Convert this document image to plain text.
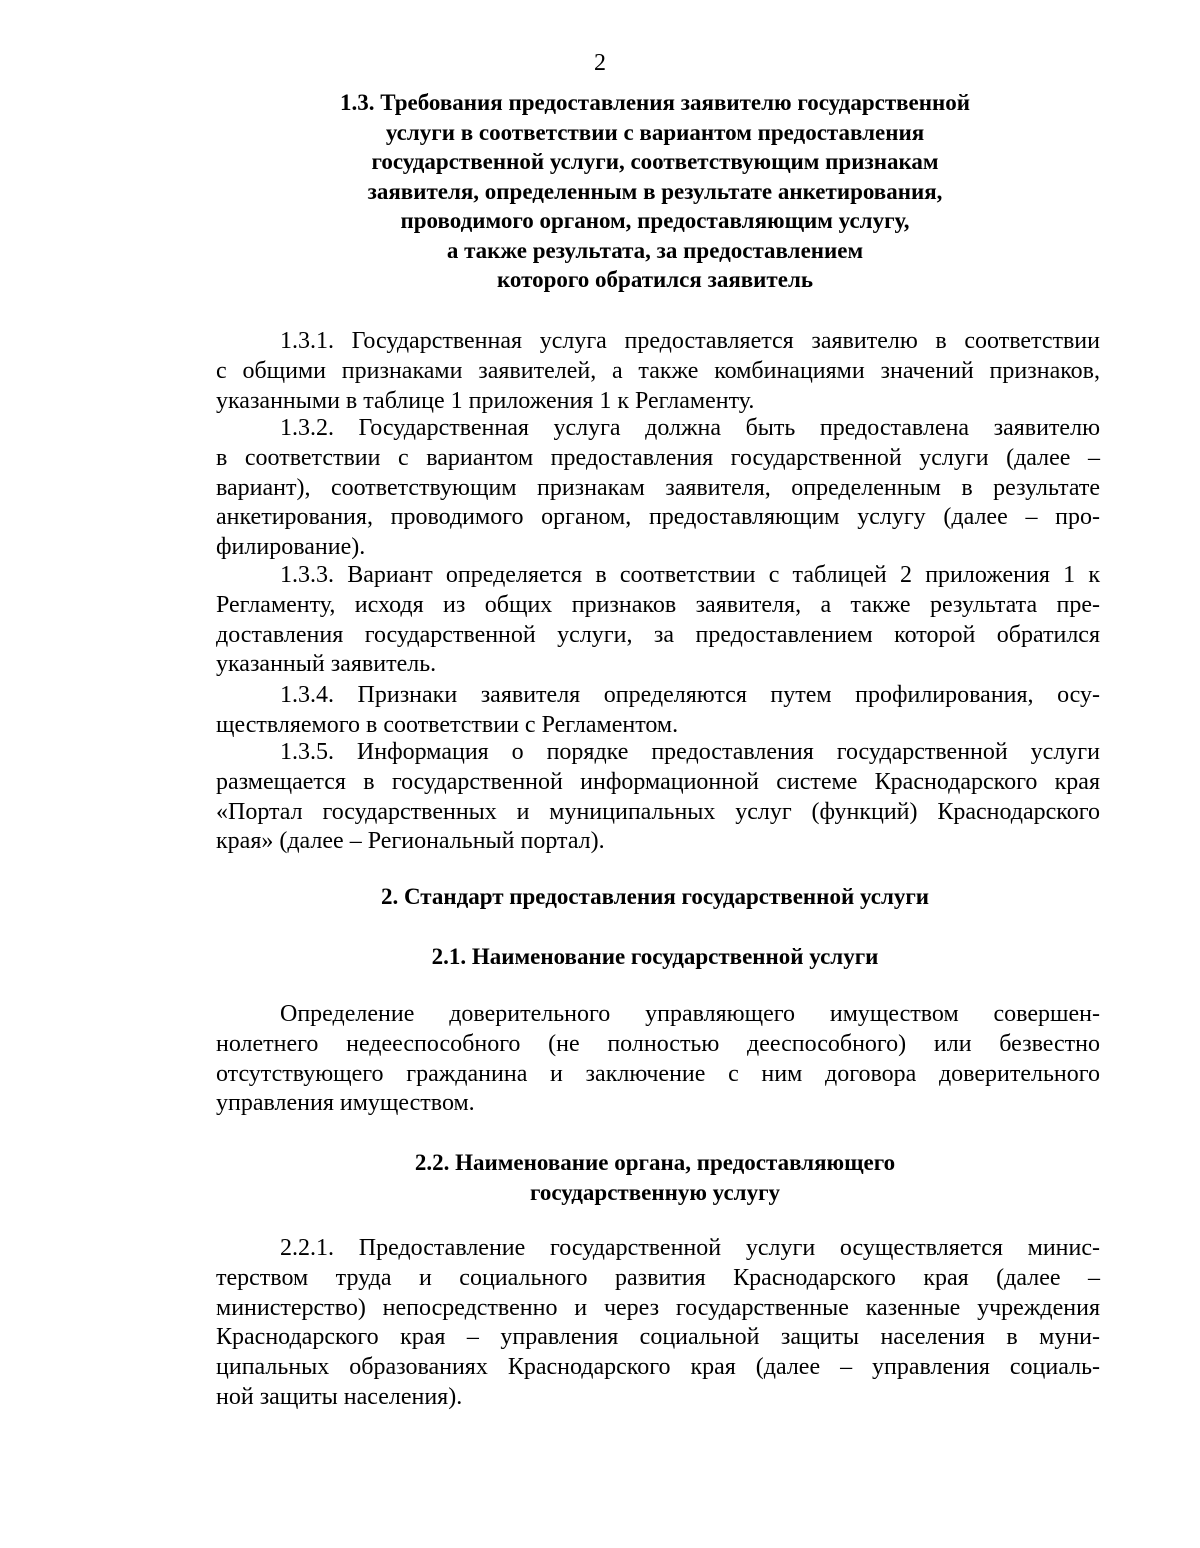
2
1.3. Требования предоставления заявителю государственной
услуги в соответствии с вариантом предоставления
государственной услуги, соответствующим признакам
заявителя, определенным в результате анкетирования,
проводимого органом, предоставляющим услугу,
а также результата, за предоставлением
которого обратился заявитель
1.3.1. Государственная услуга предоставляется заявителю в соответствии
с общими признаками заявителей, а также комбинациями значений признаков,
указанными в таблице 1 приложения 1 к Регламенту.
1.3.2. Государственная услуга должна быть предоставлена заявителю
в соответствии с вариантом предоставления государственной услуги (далее –
вариант), соответствующим признакам заявителя, определенным в результате
анкетирования, проводимого органом, предоставляющим услугу (далее – про-
филирование).
1.3.3. Вариант определяется в соответствии с таблицей 2 приложения 1 к
Регламенту, исходя из общих признаков заявителя, а также результата пре-
доставления государственной услуги, за предоставлением которой обратился
указанный заявитель.
1.3.4. Признаки заявителя определяются путем профилирования, осу-
ществляемого в соответствии с Регламентом.
1.3.5. Информация о порядке предоставления государственной услуги
размещается в государственной информационной системе Краснодарского края
«Портал государственных и муниципальных услуг (функций) Краснодарского
края» (далее – Региональный портал).
2. Стандарт предоставления государственной услуги
2.1. Наименование государственной услуги
Определение доверительного управляющего имуществом совершен-
нолетнего недееспособного (не полностью дееспособного) или безвестно
отсутствующего гражданина и заключение с ним договора доверительного
управления имуществом.
2.2. Наименование органа, предоставляющего
государственную услугу
2.2.1. Предоставление государственной услуги осуществляется минис-
терством труда и социального развития Краснодарского края (далее –
министерство) непосредственно и через государственные казенные учреждения
Краснодарского края – управления социальной защиты населения в муни-
ципальных образованиях Краснодарского края (далее – управления социаль-
ной защиты населения).
